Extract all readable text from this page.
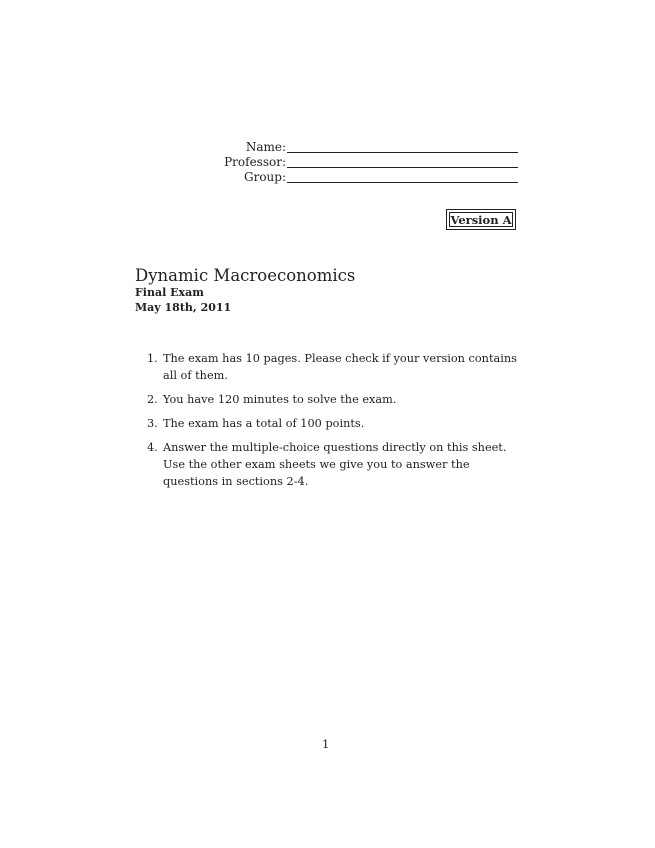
Name:
Professor:
Group:
Version A
Dynamic Macroeconomics
Final Exam
May 18th, 2011
1. The exam has 10 pages. Please check if your version contains all of them.
2. You have 120 minutes to solve the exam.
3. The exam has a total of 100 points.
4. Answer the multiple-choice questions directly on this sheet. Use the other exam sheets we give you to answer the questions in sections 2-4.
1
